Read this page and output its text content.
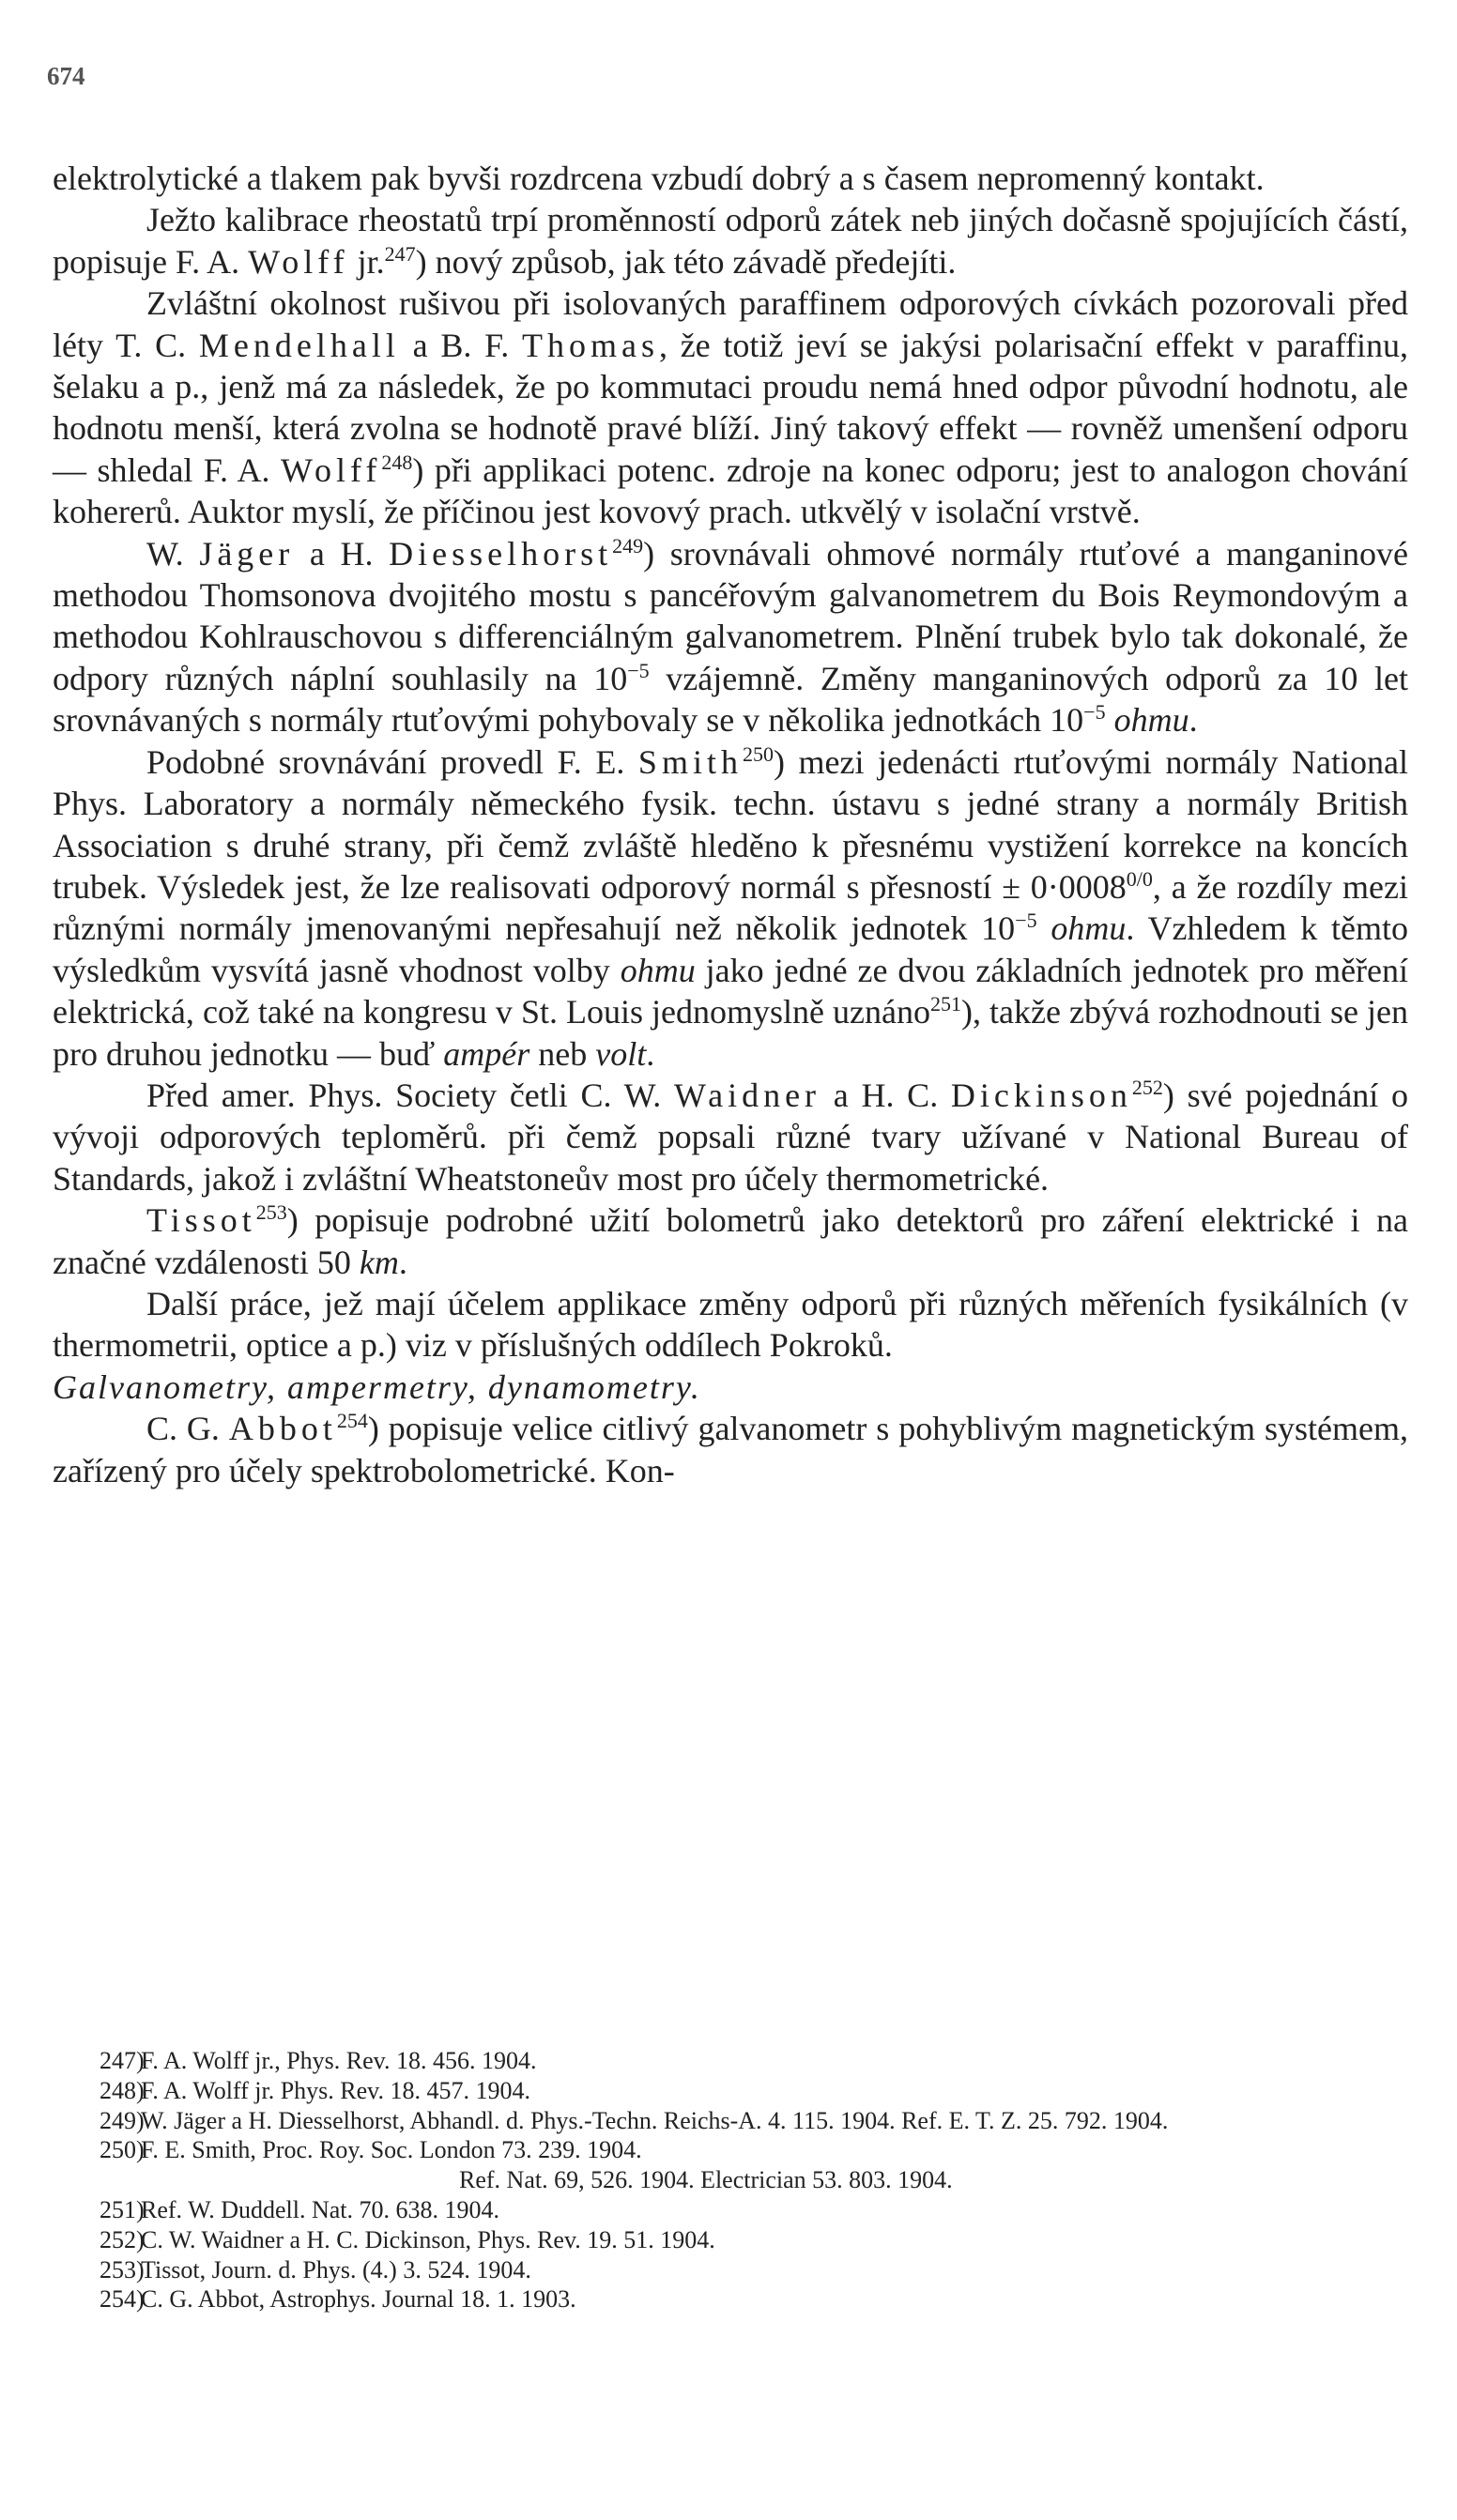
674

elektrolytické a tlakem pak byvši rozdrcena vzbudí dobrý a s časem nepromenný kontakt.

Ježto kalibrace rheostatů trpí proměnností odporů zátek neb jiných dočasně spojujících částí, popisuje F. A. Wolff jr.$^{247}$) nový způsob, jak této závadě předejíti.

Zvláštní okolnost rušivou při isolovaných paraffinem odporových cívkách pozorovali před léty T. C. Mendelhall a B. F. Thomas, že totiž jeví se jakýsi polarisační effekt v paraffinu, šelaku a p., jenž má za následek, že po kommutaci proudu nemá hned odpor původní hodnotu, ale hodnotu menší, která zvolna se hodnotě pravé blíží. Jiný takový effekt — rovněž umenšení odporu — shledal F. A. Wolff$^{248}$) při applikaci potenc. zdroje na konec odporu; jest to analogon chování kohererů. Auktor myslí, že příčinou jest kovový prach. utkvělý v isolační vrstvě.

W. Jäger a H. Diesselhorst$^{249}$) srovnávali ohmové normály rtuťové a manganinové methodou Thomsonova dvojitého mostu s pancéřovým galvanometrem du Bois Reymondovým a methodou Kohlrauschovou s differenciálným galvanometrem. Plnění trubek bylo tak dokonalé, že odpory různých náplní souhlasily na $10^{-5}$ vzájemně. Změny manganinových odporů za 10 let srovnávaných s normály rtuťovými pohybovaly se v několika jednotkách $10^{-5}$ ohmu.

Podobné srovnávání provedl F. E. Smith$^{250}$) mezi jedenácti rtuťovými normály National Phys. Laboratory a normály německého fysik. techn. ústavu s jedné strany a normály British Association s druhé strany, při čemž zvláště hleděno k přesnému vystižení korrekce na koncích trubek. Výsledek jest, že lze realisovati odporový normál s přesností ± $0\cdot 0008^{0/0}$, a že rozdíly mezi různými normály jmenovanými nepřesahují než několik jednotek $10^{-5}$ ohmu. Vzhledem k těmto výsledkům vysvítá jasně vhodnost volby ohmu jako jedné ze dvou základních jednotek pro měření elektrická, což také na kongresu v St. Louis jednomyslně uznáno$^{251}$), takže zbývá rozhodnouti se jen pro druhou jednotku — buď ampér neb volt.

Před amer. Phys. Society četli C. W. Waidner a H. C. Dickinson$^{252}$) své pojednání o vývoji odporových teploměrů. při čemž popsali různé tvary užívané v National Bureau of Standards, jakož i zvláštní Wheatstoneův most pro účely thermometrické.

Tissot$^{253}$) popisuje podrobné užití bolometrů jako detektorů pro záření elektrické i na značné vzdálenosti 50 km.

Další práce, jež mají účelem applikace změny odporů při různých měřeních fysikálních (v thermometrii, optice a p.) viz v příslušných oddílech Pokroků.

Galvanometry, ampermetry, dynamometry.

C. G. Abbot$^{254}$) popisuje velice citlivý galvanometr s pohyblivým magnetickým systémem, zařízený pro účely spektrobolometrické. Kon-

247)F. A. Wolff jr., Phys. Rev. 18. 456. 1904.

248)F. A. Wolff jr. Phys. Rev. 18. 457. 1904.

249)W. Jäger a H. Diesselhorst, Abhandl. d. Phys.-Techn. Reichs-A. 4. 115. 1904. Ref. E. T. Z. 25. 792. 1904.

250)F. E. Smith, Proc. Roy. Soc. London 73. 239. 1904.

Ref. Nat. 69, 526. 1904. Electrician 53. 803. 1904.

251)Ref. W. Duddell. Nat. 70. 638. 1904.

252)C. W. Waidner a H. C. Dickinson, Phys. Rev. 19. 51. 1904.

253)Tissot, Journ. d. Phys. (4.) 3. 524. 1904.

254)C. G. Abbot, Astrophys. Journal 18. 1. 1903.
